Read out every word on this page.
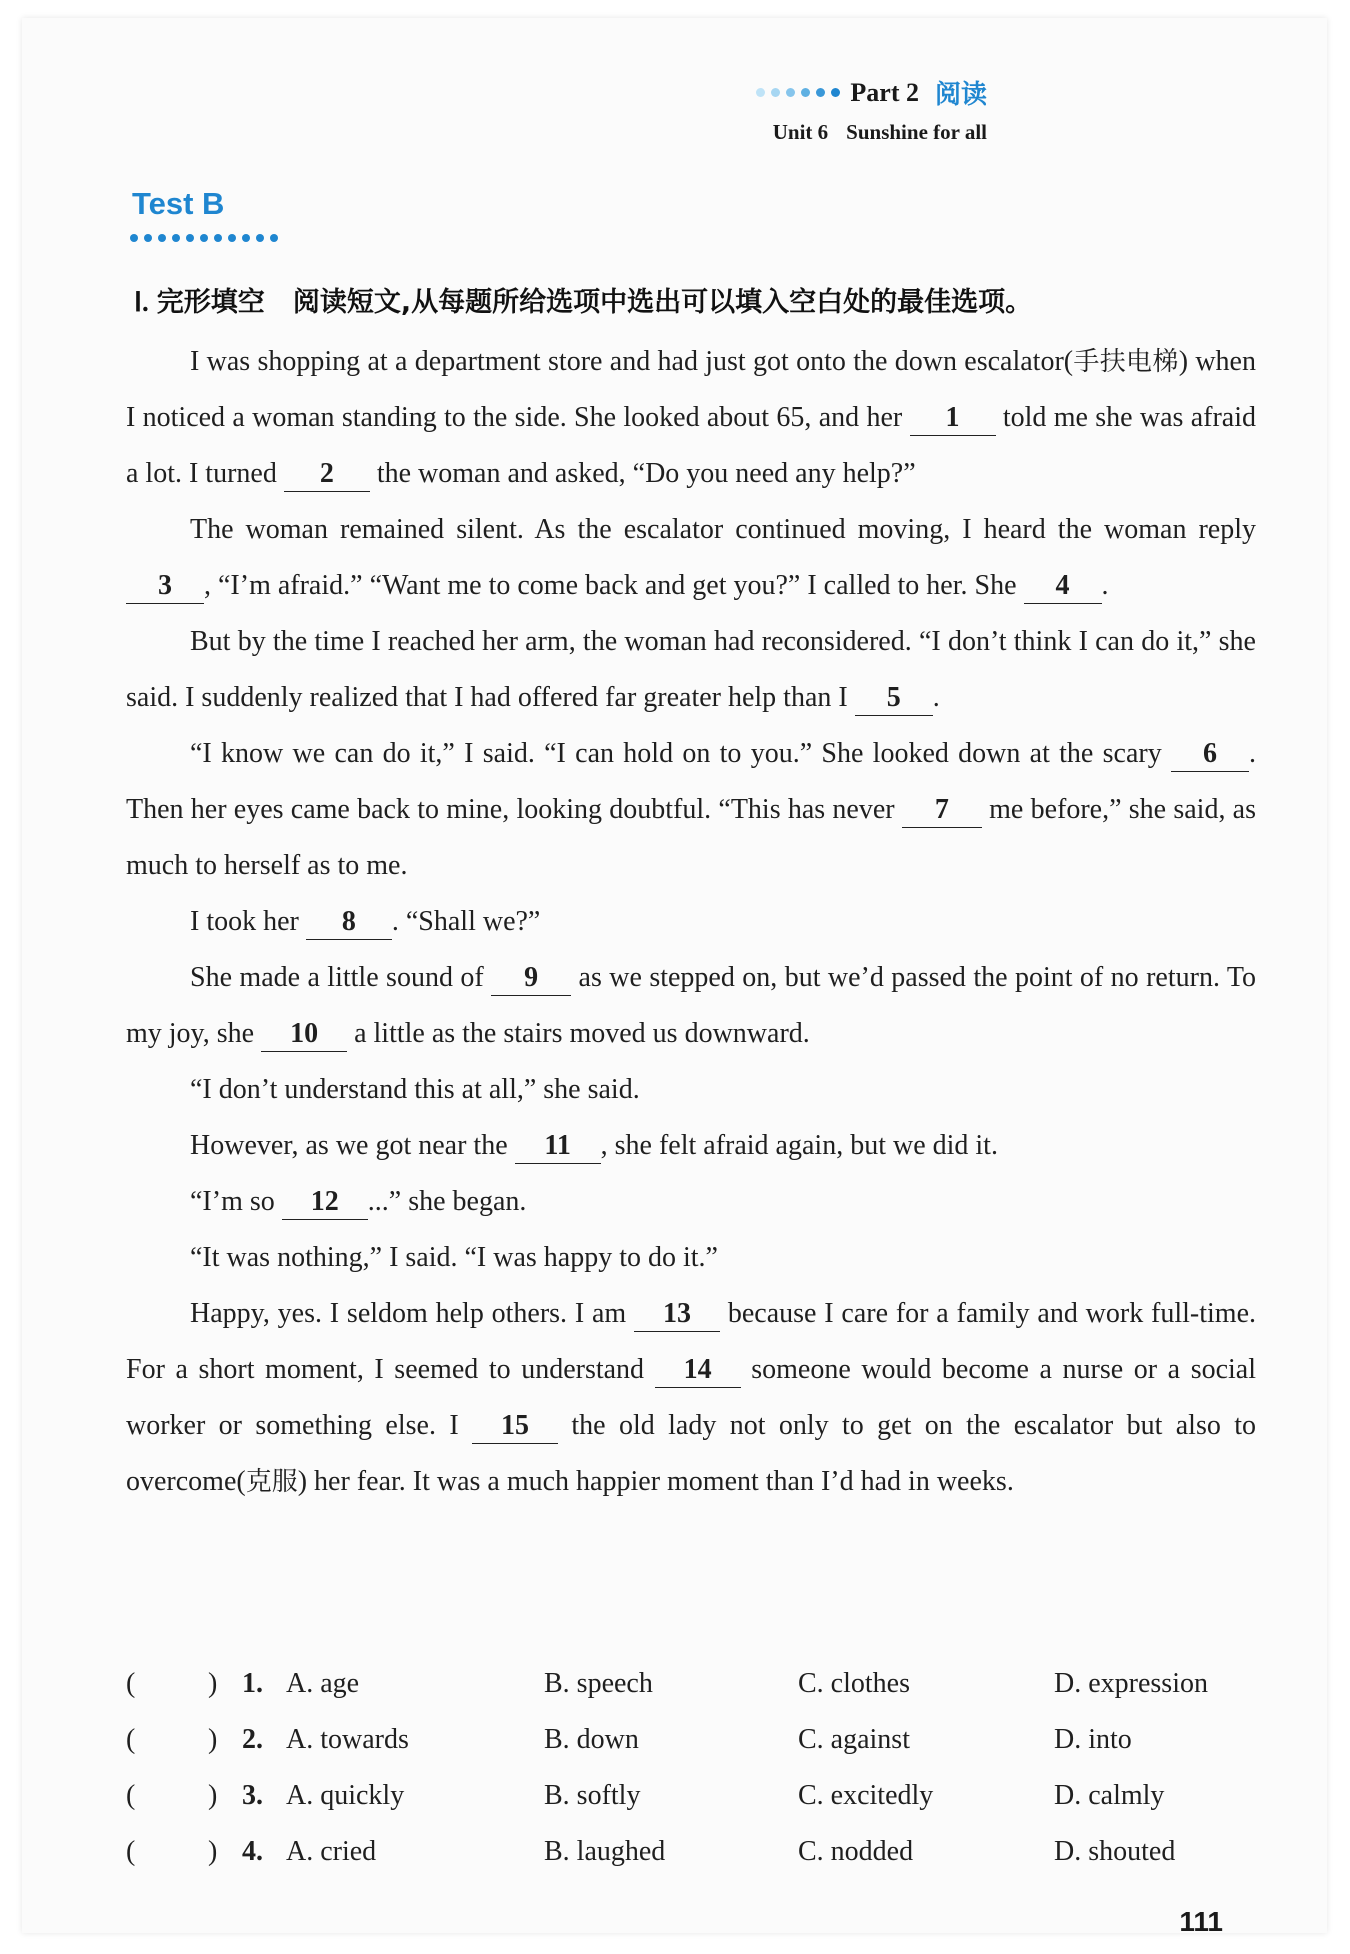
Part 2 阅读
Unit 6 Sunshine for all
Test B
Ⅰ. 完形填空 阅读短文,从每题所给选项中选出可以填入空白处的最佳选项。

I was shopping at a department store and had just got onto the down escalator(手扶电梯) when I noticed a woman standing to the side. She looked about 65, and her 1 told me she was afraid a lot. I turned 2 the woman and asked, “Do you need any help?”

The woman remained silent. As the escalator continued moving, I heard the woman reply 3 , “I’m afraid.” “Want me to come back and get you?” I called to her. She 4 .

But by the time I reached her arm, the woman had reconsidered. “I don’t think I can do it,” she said. I suddenly realized that I had offered far greater help than I 5 .

“I know we can do it,” I said. “I can hold on to you.” She looked down at the scary 6 . Then her eyes came back to mine, looking doubtful. “This has never 7 me before,” she said, as much to herself as to me.

I took her 8 . “Shall we?”

She made a little sound of 9 as we stepped on, but we’d passed the point of no return. To my joy, she 10 a little as the stairs moved us downward.

“I don’t understand this at all,” she said.

However, as we got near the 11 , she felt afraid again, but we did it.

“I’m so 12 ...” she began.

“It was nothing,” I said. “I was happy to do it.”

Happy, yes. I seldom help others. I am 13 because I care for a family and work full-time. For a short moment, I seemed to understand 14 someone would become a nurse or a social worker or something else. I 15 the old lady not only to get on the escalator but also to overcome(克服) her fear. It was a much happier moment than I’d had in weeks.

(	) 1. A. age	B. speech	C. clothes	D. expression
(	) 2. A. towards	B. down	C. against	D. into
(	) 3. A. quickly	B. softly	C. excitedly	D. calmly
(	) 4. A. cried	B. laughed	C. nodded	D. shouted
111
